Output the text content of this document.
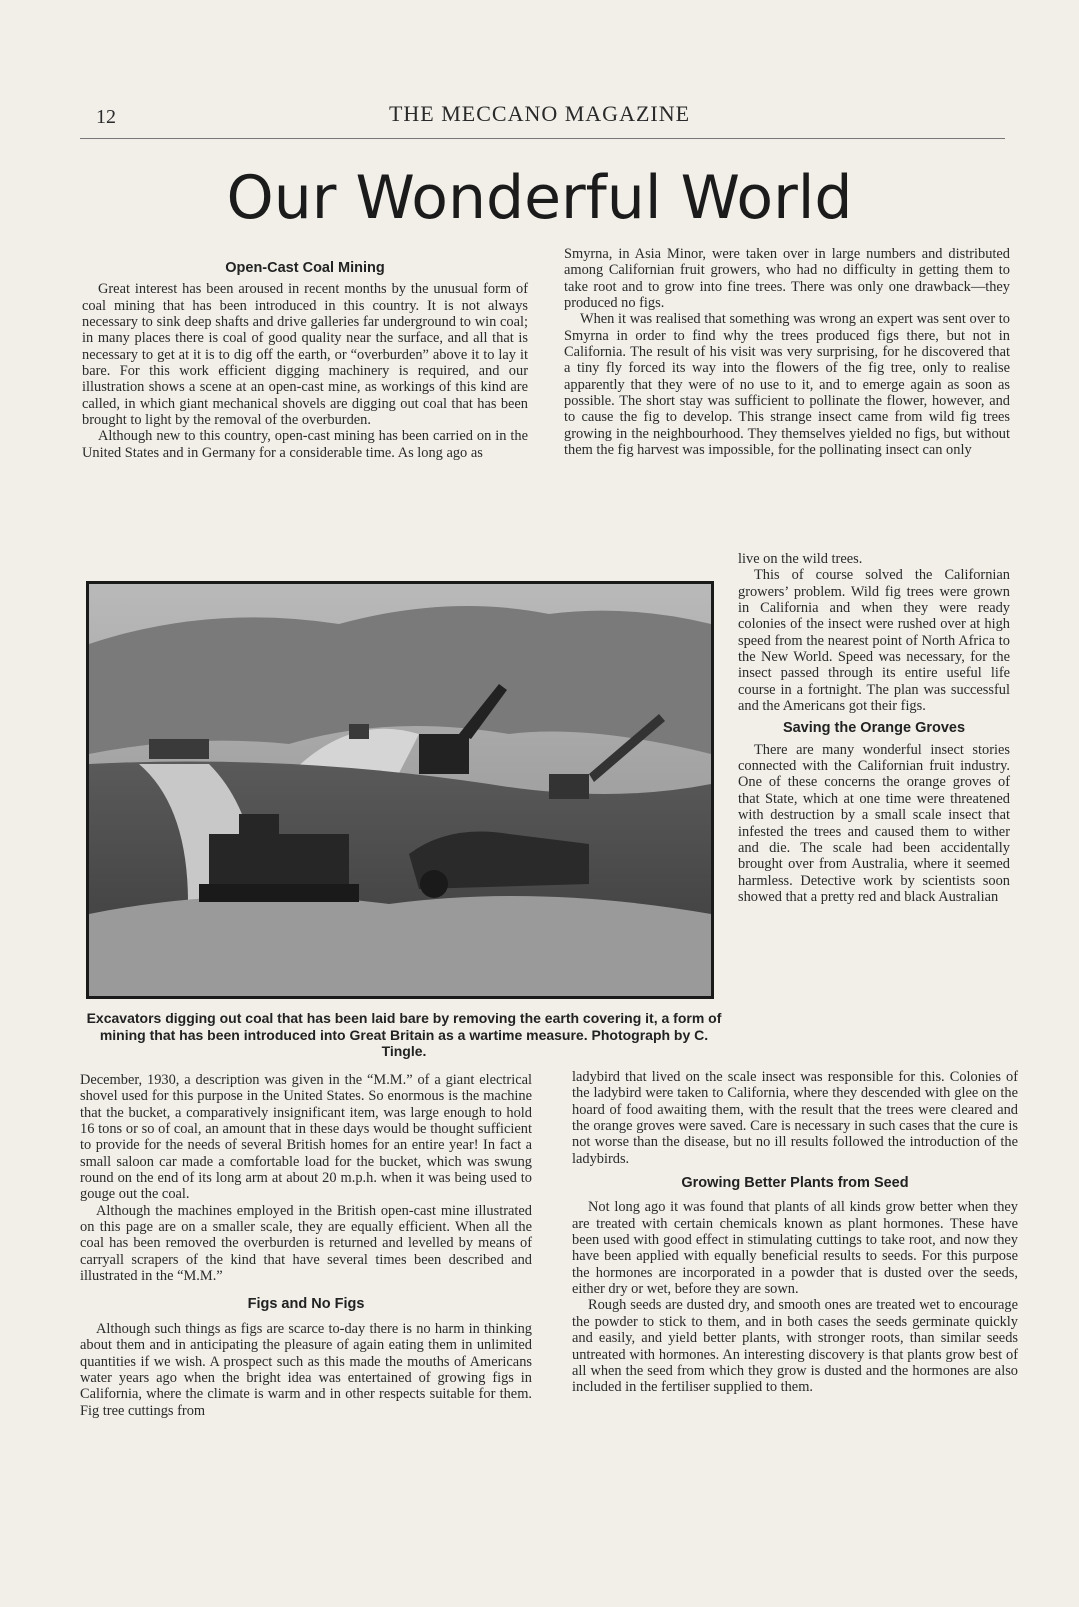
12	THE MECCANO MAGAZINE
Our Wonderful World
Open-Cast Coal Mining

Great interest has been aroused in recent months by the unusual form of coal mining that has been introduced in this country. It is not always necessary to sink deep shafts and drive galleries far underground to win coal; in many places there is coal of good quality near the surface, and all that is necessary to get at it is to dig off the earth, or “overburden” above it to lay it bare. For this work efficient digging machinery is required, and our illustration shows a scene at an open-cast mine, as workings of this kind are called, in which giant mechanical shovels are digging out coal that has been brought to light by the removal of the overburden.

Although new to this country, open-cast mining has been carried on in the United States and in Germany for a considerable time. As long ago as

Smyrna, in Asia Minor, were taken over in large numbers and distributed among Californian fruit growers, who had no difficulty in getting them to take root and to grow into fine trees. There was only one drawback—they produced no figs.

When it was realised that something was wrong an expert was sent over to Smyrna in order to find why the trees produced figs there, but not in California. The result of his visit was very surprising, for he discovered that a tiny fly forced its way into the flowers of the fig tree, only to realise apparently that they were of no use to it, and to emerge again as soon as possible. The short stay was sufficient to pollinate the flower, however, and to cause the fig to develop. This strange insect came from wild fig trees growing in the neighbourhood. They themselves yielded no figs, but without them the fig harvest was impossible, for the pollinating insect can only

live on the wild trees.

This of course solved the Californian growers’ problem. Wild fig trees were grown in California and when they were ready colonies of the insect were rushed over at high speed from the nearest point of North Africa to the New World. Speed was necessary, for the insect passed through its entire useful life course in a fortnight. The plan was successful and the Americans got their figs.

Saving the Orange Groves

There are many wonderful insect stories connected with the Californian fruit industry. One of these concerns the orange groves of that State, which at one time were threatened with destruction by a small scale insect that infested the trees and caused them to wither and die. The scale had been accidentally brought over from Australia, where it seemed harmless. Detective work by scientists soon showed that a pretty red and black Australian

Excavators digging out coal that has been laid bare by removing the earth covering it, a form of mining that has been introduced into Great Britain as a wartime measure. Photograph by C. Tingle.

December, 1930, a description was given in the “M.M.” of a giant electrical shovel used for this purpose in the United States. So enormous is the machine that the bucket, a comparatively insignificant item, was large enough to hold 16 tons or so of coal, an amount that in these days would be thought sufficient to provide for the needs of several British homes for an entire year! In fact a small saloon car made a comfortable load for the bucket, which was swung round on the end of its long arm at about 20 m.p.h. when it was being used to gouge out the coal.

Although the machines employed in the British open-cast mine illustrated on this page are on a smaller scale, they are equally efficient. When all the coal has been removed the overburden is returned and levelled by means of carryall scrapers of the kind that have several times been described and illustrated in the “M.M.”

Figs and No Figs

Although such things as figs are scarce to-day there is no harm in thinking about them and in anticipating the pleasure of again eating them in unlimited quantities if we wish. A prospect such as this made the mouths of Americans water years ago when the bright idea was entertained of growing figs in California, where the climate is warm and in other respects suitable for them. Fig tree cuttings from

ladybird that lived on the scale insect was responsible for this. Colonies of the ladybird were taken to California, where they descended with glee on the hoard of food awaiting them, with the result that the trees were cleared and the orange groves were saved. Care is necessary in such cases that the cure is not worse than the disease, but no ill results followed the introduction of the ladybirds.

Growing Better Plants from Seed

Not long ago it was found that plants of all kinds grow better when they are treated with certain chemicals known as plant hormones. These have been used with good effect in stimulating cuttings to take root, and now they have been applied with equally beneficial results to seeds. For this purpose the hormones are incorporated in a powder that is dusted over the seeds, either dry or wet, before they are sown.

Rough seeds are dusted dry, and smooth ones are treated wet to encourage the powder to stick to them, and in both cases the seeds germinate quickly and easily, and yield better plants, with stronger roots, than similar seeds untreated with hormones. An interesting discovery is that plants grow best of all when the seed from which they grow is dusted and the hormones are also included in the fertiliser supplied to them.
